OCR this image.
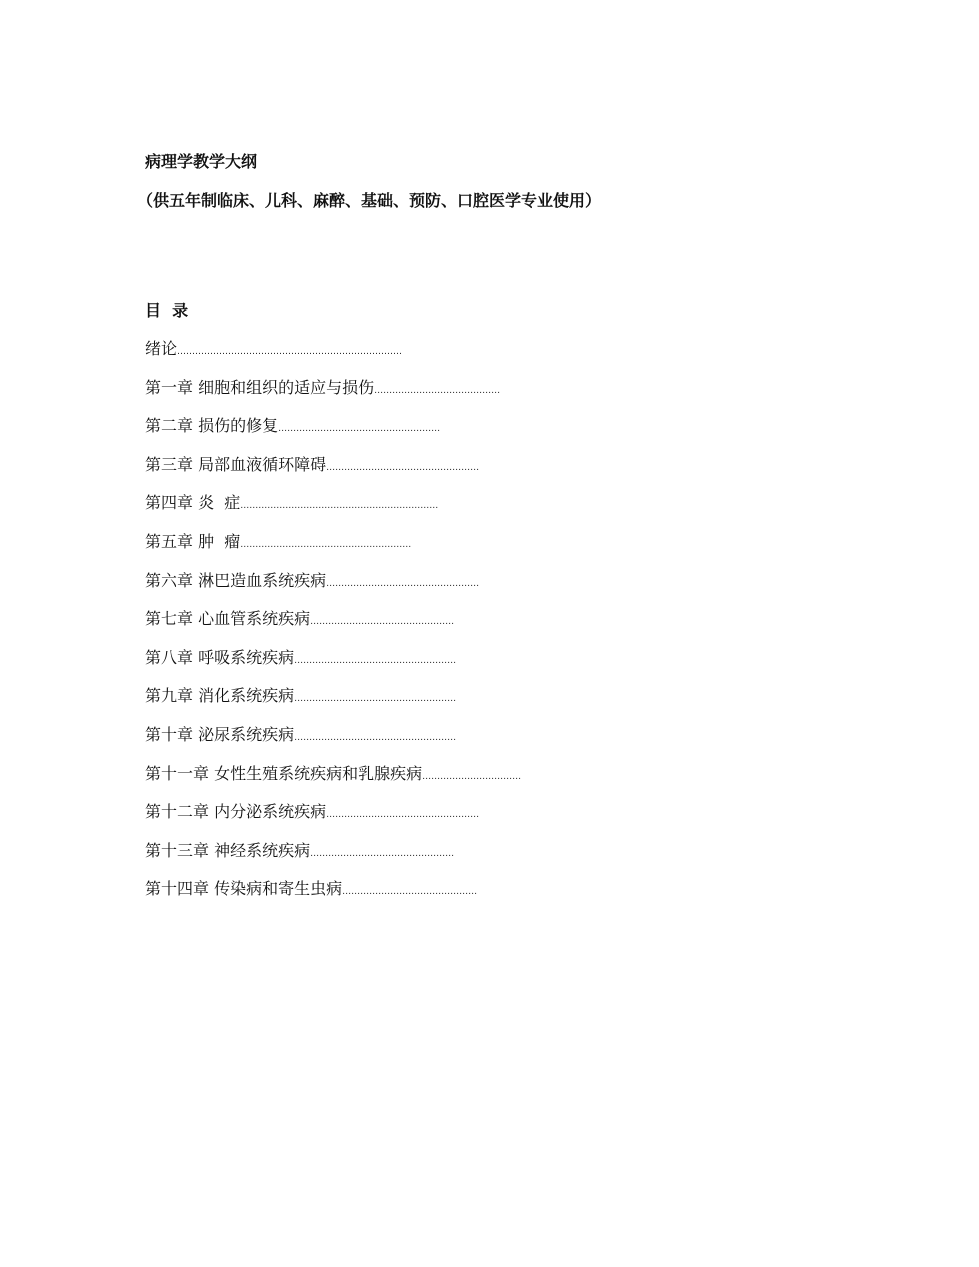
病理学教学大纲
（供五年制临床、儿科、麻醉、基础、预防、口腔医学专业使用）
目  录
绪论…………………………………………………………………
第一章 细胞和组织的适应与损伤……………………………………
第二章 损伤的修复………………………………………………
第三章 局部血液循环障碍……………………………………………
第四章 炎  症…………………………………………………………
第五章 肿  瘤…………………………………………………
第六章 淋巴造血系统疾病……………………………………………
第七章 心血管系统疾病…………………………………………
第八章 呼吸系统疾病………………………………………………
第九章 消化系统疾病………………………………………………
第十章 泌尿系统疾病………………………………………………
第十一章 女性生殖系统疾病和乳腺疾病……………………………
第十二章 内分泌系统疾病……………………………………………
第十三章 神经系统疾病…………………………………………
第十四章 传染病和寄生虫病………………………………………
